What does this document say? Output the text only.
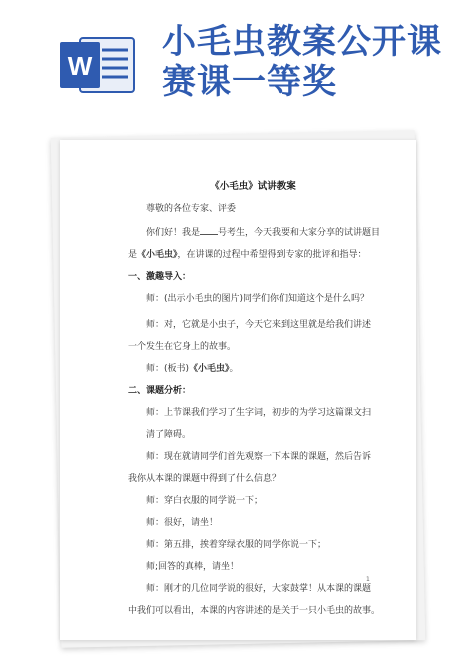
W
小毛虫教案公开课赛课一等奖
《小毛虫》试讲教案

尊敬的各位专家、评委

你们好！我是 号考生，今天我要和大家分享的试讲题目

是《小毛虫》，在讲课的过程中希望得到专家的批评和指导：

一、激趣导入：

师：(出示小毛虫的图片)同学们你们知道这个是什么吗？

师：对，它就是小虫子，今天它来到这里就是给我们讲述

一个发生在它身上的故事。

师：(板书)《小毛虫》。

二、课题分析：

师：上节课我们学习了生字词，初步的为学习这篇课文扫

清了障碍。

师：现在就请同学们首先观察一下本课的课题，然后告诉

我你从本课的课题中得到了什么信息？

师：穿白衣服的同学说一下；

师：很好，请坐！

师：第五排，挨着穿绿衣服的同学你说一下；

师;回答的真棒，请坐！

师：刚才的几位同学说的很好，大家鼓掌！从本课的课题

中我们可以看出，本课的内容讲述的是关于一只小毛虫的故事。

1
